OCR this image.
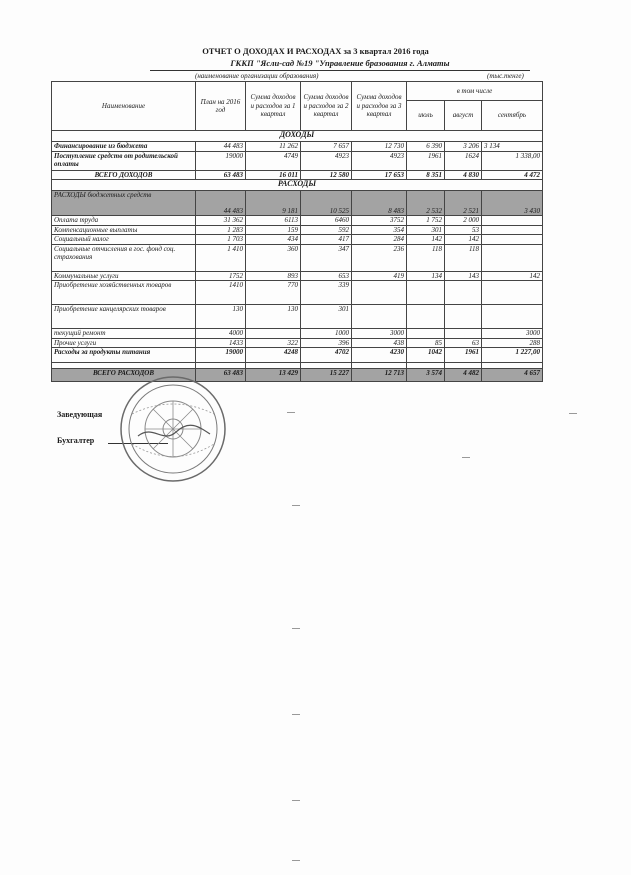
ОТЧЕТ О ДОХОДАХ И РАСХОДАХ за 3 квартал 2016 года
ГККП "Ясли-сад №19 "Управление бразования г. Алматы
(наименование организации образования)	(тыс.тенге)
Наименование	План на 2016 год	Сумма доходов и расходов за 1 квартал	Сумма доходов и расходов за 2 квартал	Сумма доходов и расходов за 3 квартал	в том числе		
					июль	август	сентябрь
ДОХОДЫ							
Финансирование из бюджета	44 483	11 262	7 657	12 730	6 390	3 206	3 134
Поступление средств от родительской оплаты	19000	4749	4923	4923	1961	1624	1 338,00
ВСЕГО ДОХОДОВ	63 483	16 011	12 580	17 653	8 351	4 830	4 472
РАСХОДЫ							
РАСХОДЫ бюджетных средств	44 483	9 181	10 525	8 483	2 532	2 521	3 430
Оплата труда	31 362	6113	6460	3752	1 752	2 000	
Компенсационные выплаты	1 283	159	592	354	301	53	
Социальный налог	1 703	434	417	284	142	142	
Социальные отчисления в гос. фонд соц. страхования	1 410	360	347	236	118	118	
Коммунальные услуги	1752	893	653	419	134	143	142
Приобретение хозяйственных товаров	1410	770	339				
Приобретение канцелярских товаров	130	130	301				
текущий ремонт	4000		1000	3000			3000
Прочие услуги	1433	322	396	438	85	63	288
Расходы за продукты питания	19000	4248	4702	4230	1042	1961	1 227,00

ВСЕГО РАСХОДОВ	63 483	13 429	15 227	12 713	3 574	4 482	4 657
Заведующая
Бухгалтер
